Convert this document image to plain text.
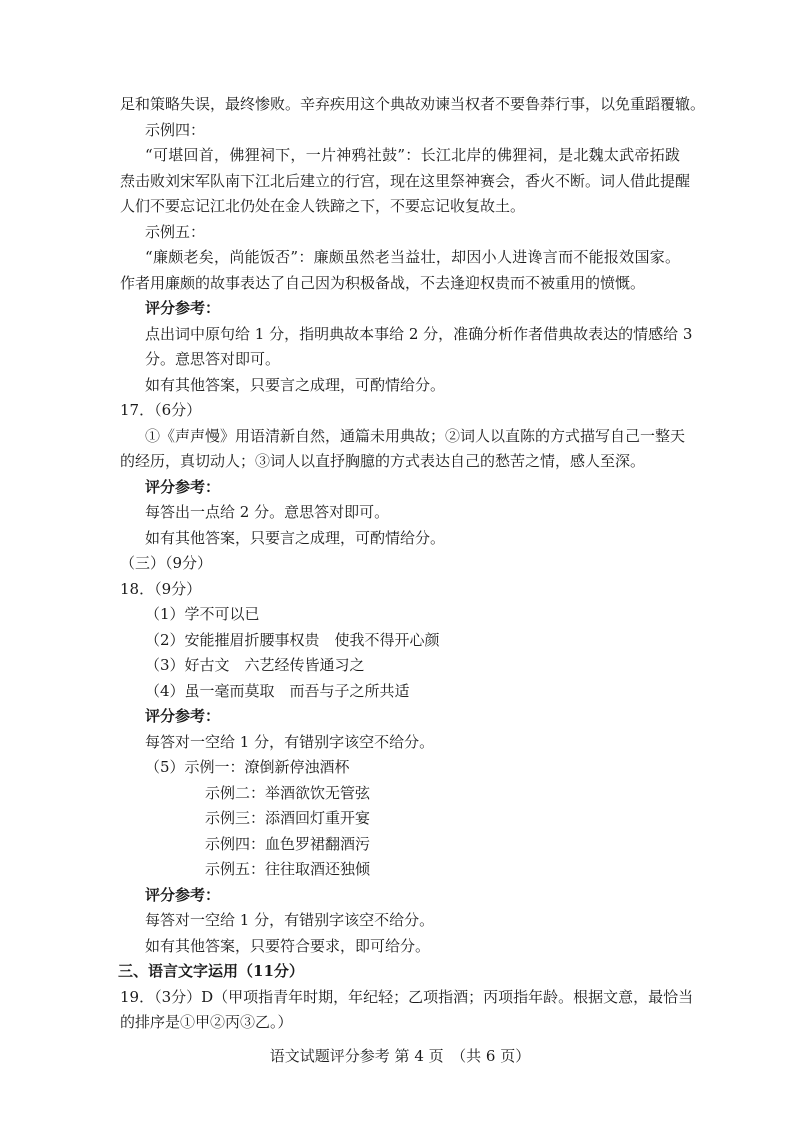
足和策略失误，最终惨败。辛弃疾用这个典故劝谏当权者不要鲁莽行事，以免重蹈覆辙。
示例四：
“可堪回首，佛狸祠下，一片神鸦社鼓”：长江北岸的佛狸祠，是北魏太武帝拓跋
焘击败刘宋军队南下江北后建立的行宫，现在这里祭神赛会，香火不断。词人借此提醒
人们不要忘记江北仍处在金人铁蹄之下，不要忘记收复故土。
示例五：
“廉颇老矣，尚能饭否”：廉颇虽然老当益壮，却因小人进谗言而不能报效国家。
作者用廉颇的故事表达了自己因为积极备战，不去逢迎权贵而不被重用的愤慨。
评分参考：
点出词中原句给 1 分，指明典故本事给 2 分，准确分析作者借典故表达的情感给 3
分。意思答对即可。
如有其他答案，只要言之成理，可酌情给分。
17．（6分）
①《声声慢》用语清新自然，通篇未用典故；②词人以直陈的方式描写自己一整天
的经历，真切动人；③词人以直抒胸臆的方式表达自己的愁苦之情，感人至深。
评分参考：
每答出一点给 2 分。意思答对即可。
如有其他答案，只要言之成理，可酌情给分。
（三）（9分）
18．（9分）
（1）学不可以已
（2）安能摧眉折腰事权贵　使我不得开心颜
（3）好古文　六艺经传皆通习之
（4）虽一毫而莫取　而吾与子之所共适
评分参考：
每答对一空给 1 分，有错别字该空不给分。
（5）示例一：潦倒新停浊酒杯
示例二：举酒欲饮无管弦
示例三：添酒回灯重开宴
示例四：血色罗裙翻酒污
示例五：往往取酒还独倾
评分参考：
每答对一空给 1 分，有错别字该空不给分。
如有其他答案，只要符合要求，即可给分。
三、语言文字运用（11分）
19．（3分）D（甲项指青年时期，年纪轻；乙项指酒；丙项指年龄。根据文意，最恰当
的排序是①甲②丙③乙。）
语文试题评分参考 第 4 页　（共 6 页）
